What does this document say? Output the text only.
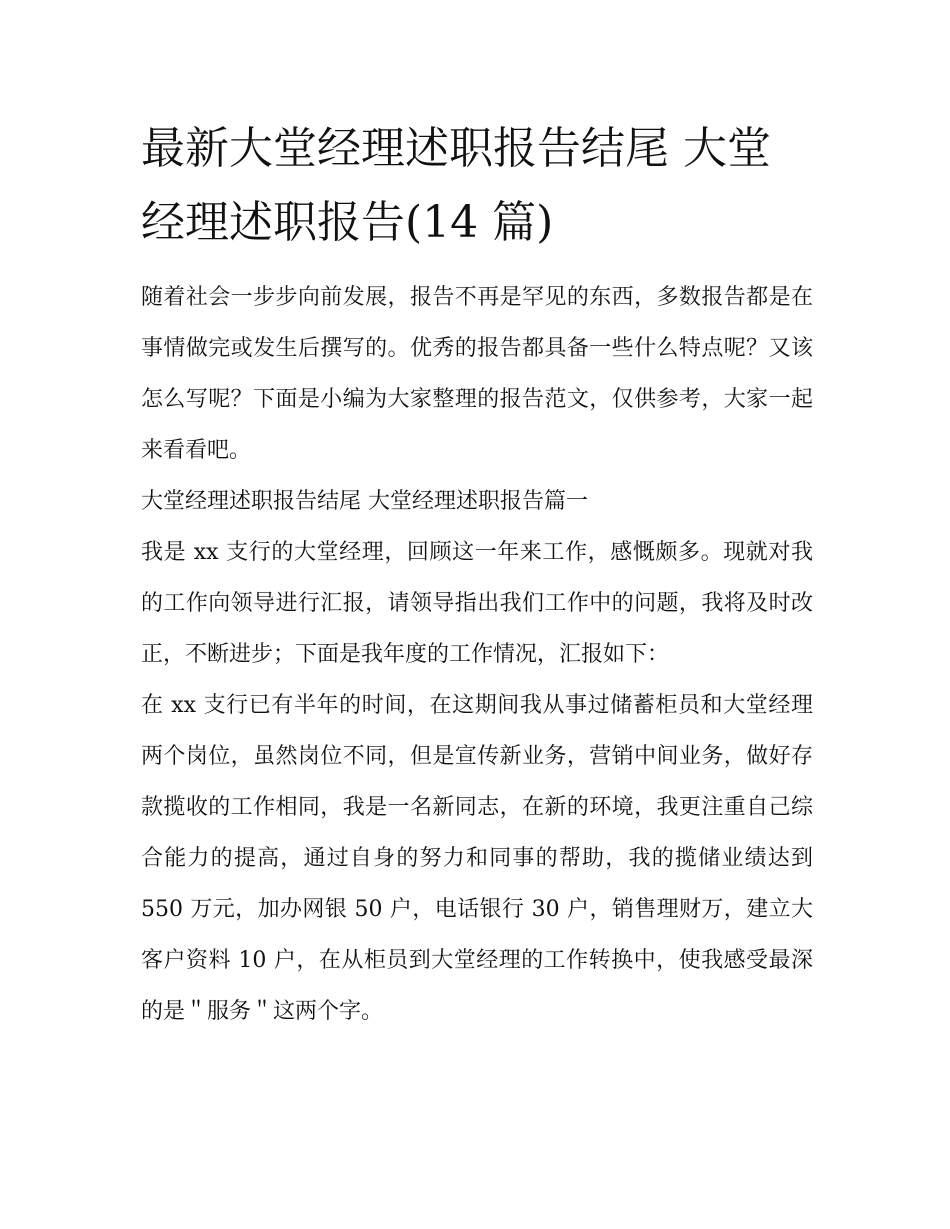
最新大堂经理述职报告结尾 大堂经理述职报告(14 篇)

随着社会一步步向前发展，报告不再是罕见的东西，多数报告都是在事情做完或发生后撰写的。优秀的报告都具备一些什么特点呢？又该怎么写呢？下面是小编为大家整理的报告范文，仅供参考，大家一起来看看吧。

大堂经理述职报告结尾 大堂经理述职报告篇一

我是 xx 支行的大堂经理，回顾这一年来工作，感慨颇多。现就对我的工作向领导进行汇报，请领导指出我们工作中的问题，我将及时改正，不断进步；下面是我年度的工作情况，汇报如下：

在 xx 支行已有半年的时间，在这期间我从事过储蓄柜员和大堂经理两个岗位，虽然岗位不同，但是宣传新业务，营销中间业务，做好存款揽收的工作相同，我是一名新同志，在新的环境，我更注重自己综合能力的提高，通过自身的努力和同事的帮助，我的揽储业绩达到 550 万元，加办网银 50 户，电话银行 30 户，销售理财万，建立大客户资料 10 户，在从柜员到大堂经理的工作转换中，使我感受最深的是＂服务＂这两个字。
